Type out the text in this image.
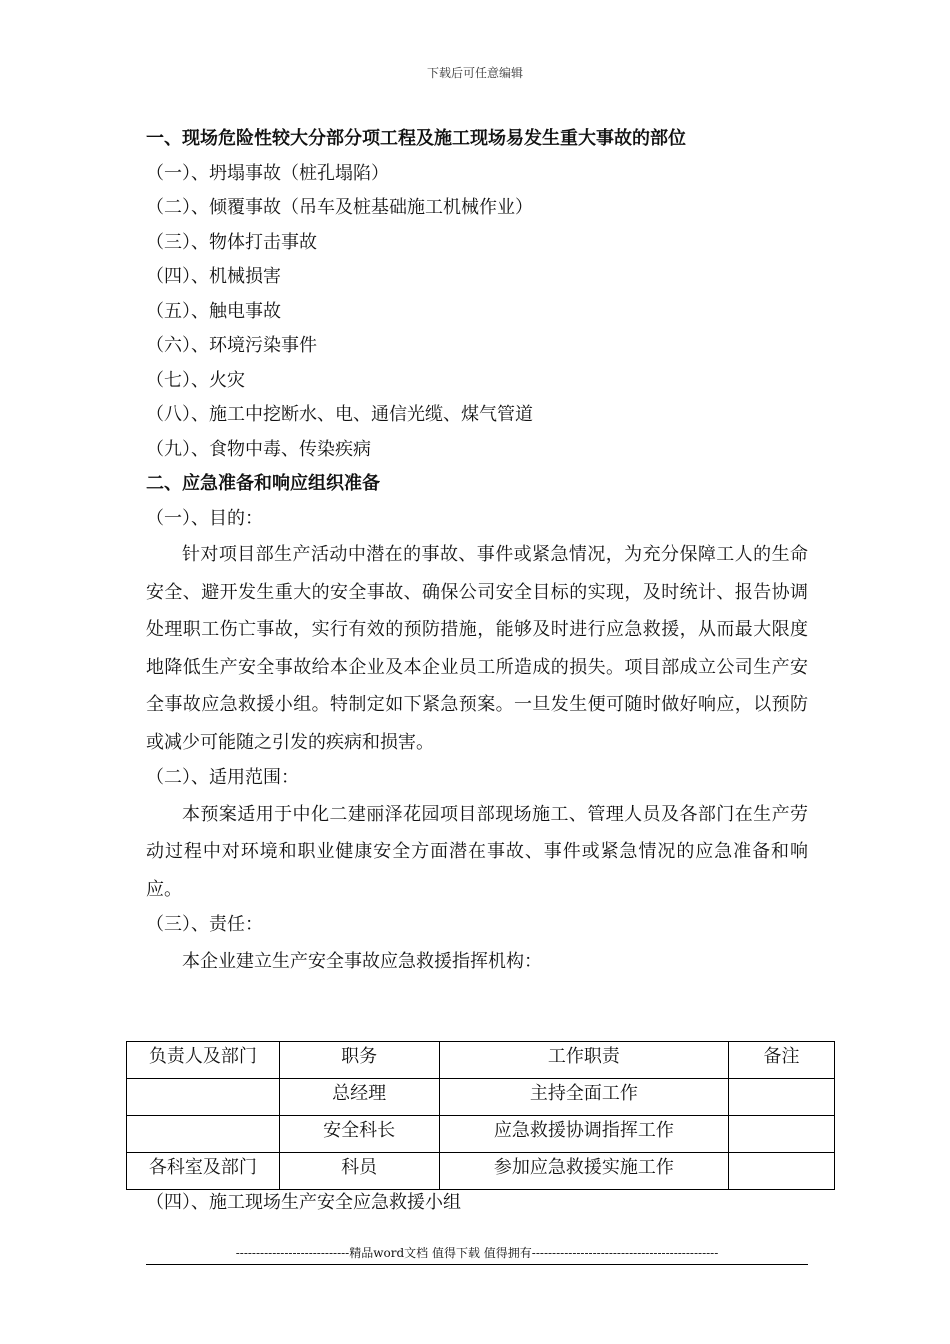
下载后可任意编辑
一、现场危险性较大分部分项工程及施工现场易发生重大事故的部位
（一）、坍塌事故（桩孔塌陷）
（二）、倾覆事故（吊车及桩基础施工机械作业）
（三）、物体打击事故
（四）、机械损害
（五）、触电事故
（六）、环境污染事件
（七）、火灾
（八）、施工中挖断水、电、通信光缆、煤气管道
（九）、食物中毒、传染疾病
二、应急准备和响应组织准备
（一）、目的：
针对项目部生产活动中潜在的事故、事件或紧急情况，为充分保障工人的生命安全、避开发生重大的安全事故、确保公司安全目标的实现，及时统计、报告协调处理职工伤亡事故，实行有效的预防措施，能够及时进行应急救援，从而最大限度地降低生产安全事故给本企业及本企业员工所造成的损失。项目部成立公司生产安全事故应急救援小组。特制定如下紧急预案。一旦发生便可随时做好响应，以预防或减少可能随之引发的疾病和损害。
（二）、适用范围：
本预案适用于中化二建丽泽花园项目部现场施工、管理人员及各部门在生产劳动过程中对环境和职业健康安全方面潜在事故、事件或紧急情况的应急准备和响应。
（三）、责任：
本企业建立生产安全事故应急救援指挥机构：
负责人及部门	职务	工作职责	备注
	总经理	主持全面工作	
	安全科长	应急救援协调指挥工作	
各科室及部门	科员	参加应急救援实施工作	
（四）、施工现场生产安全应急救援小组
----------------------------精品word文档 值得下载 值得拥有----------------------------------------------
